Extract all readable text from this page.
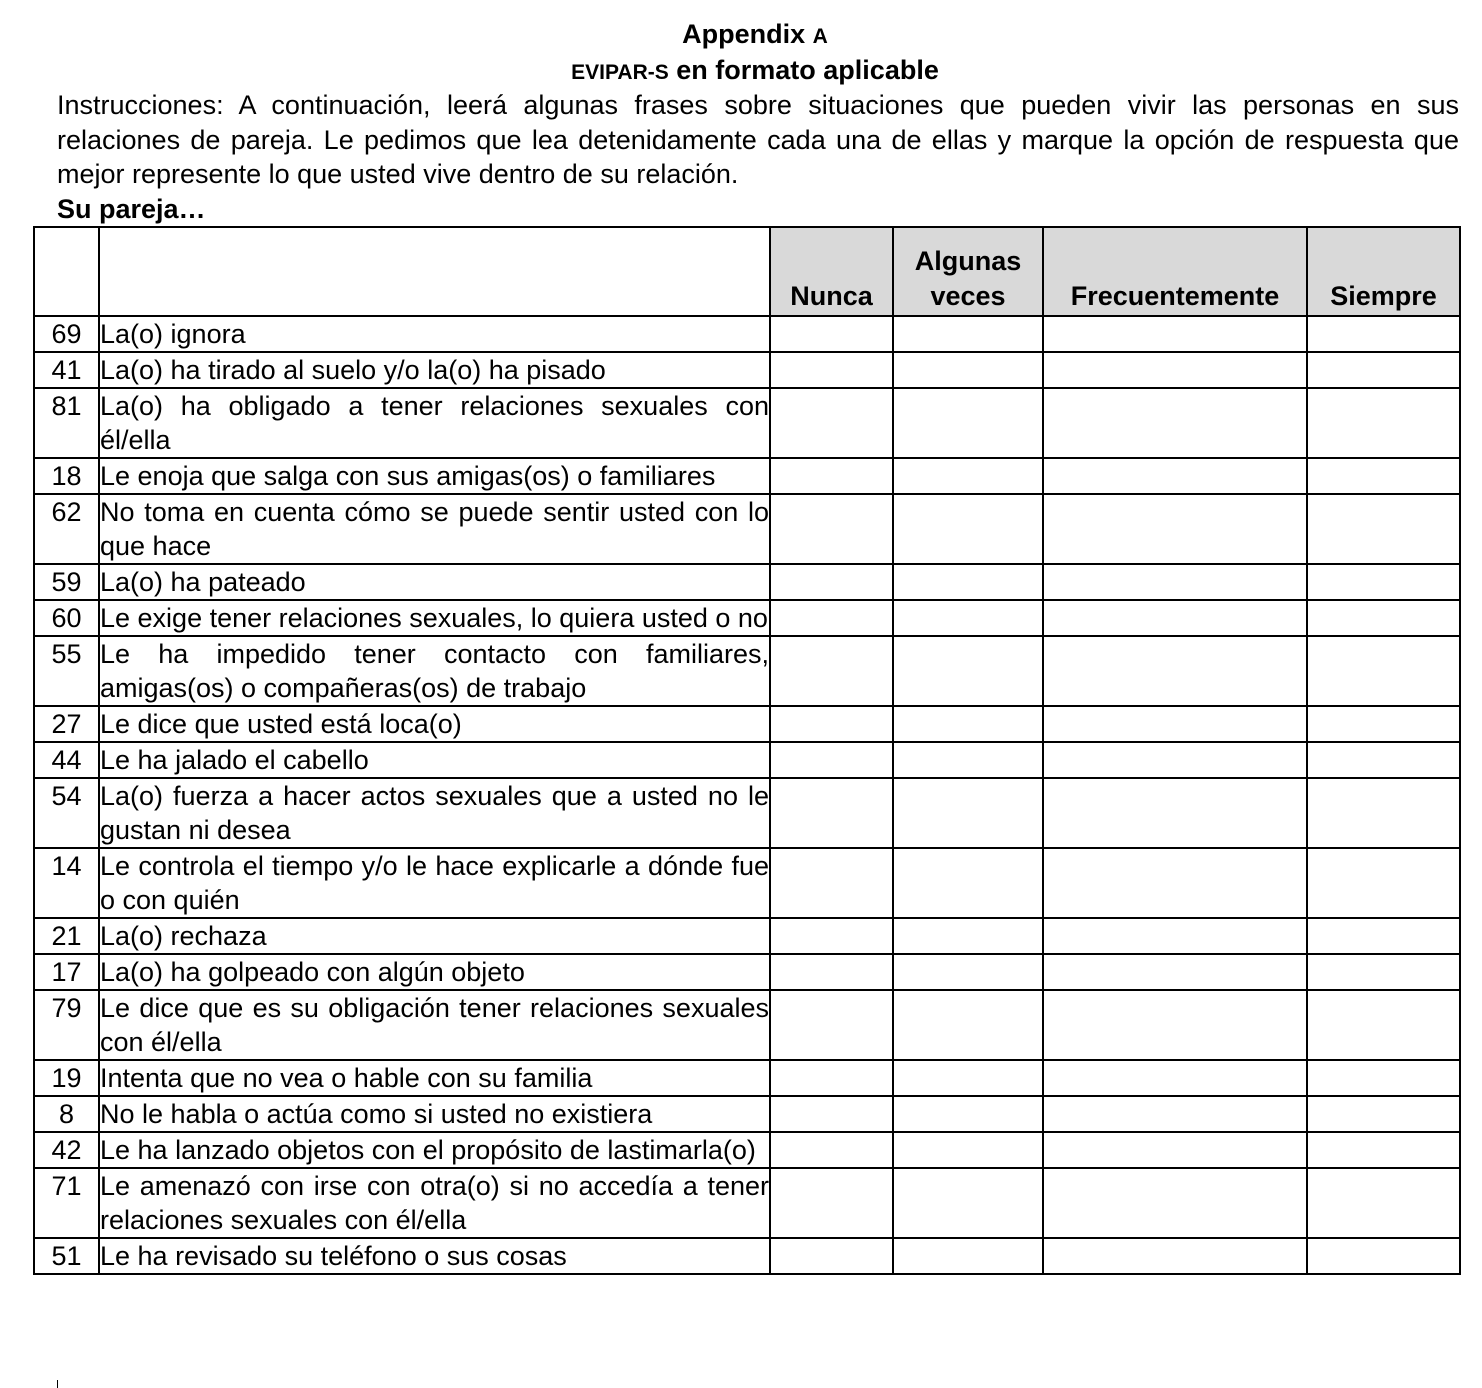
Appendix A
EVIPAR-S en formato aplicable

Instrucciones: A continuación, leerá algunas frases sobre situaciones que pueden vivir las personas en sus relaciones de pareja. Le pedimos que lea detenidamente cada una de ellas y marque la opción de respuesta que mejor represente lo que usted vive dentro de su relación.

Su pareja…

		Nunca	Algunas veces	Frecuentemente	Siempre
69	La(o) ignora				
41	La(o) ha tirado al suelo y/o la(o) ha pisado				
81	La(o) ha obligado a tener relaciones sexuales con él/ella				
18	Le enoja que salga con sus amigas(os) o familiares				
62	No toma en cuenta cómo se puede sentir usted con lo que hace				
59	La(o) ha pateado				
60	Le exige tener relaciones sexuales, lo quiera usted o no				
55	Le ha impedido tener contacto con familiares, amigas(os) o compañeras(os) de trabajo				
27	Le dice que usted está loca(o)				
44	Le ha jalado el cabello				
54	La(o) fuerza a hacer actos sexuales que a usted no le gustan ni desea				
14	Le controla el tiempo y/o le hace explicarle a dónde fue o con quién				
21	La(o) rechaza				
17	La(o) ha golpeado con algún objeto				
79	Le dice que es su obligación tener relaciones sexuales con él/ella				
19	Intenta que no vea o hable con su familia				
8	No le habla o actúa como si usted no existiera				
42	Le ha lanzado objetos con el propósito de lastimarla(o)				
71	Le amenazó con irse con otra(o) si no accedía a tener relaciones sexuales con él/ella				
51	Le ha revisado su teléfono o sus cosas				
